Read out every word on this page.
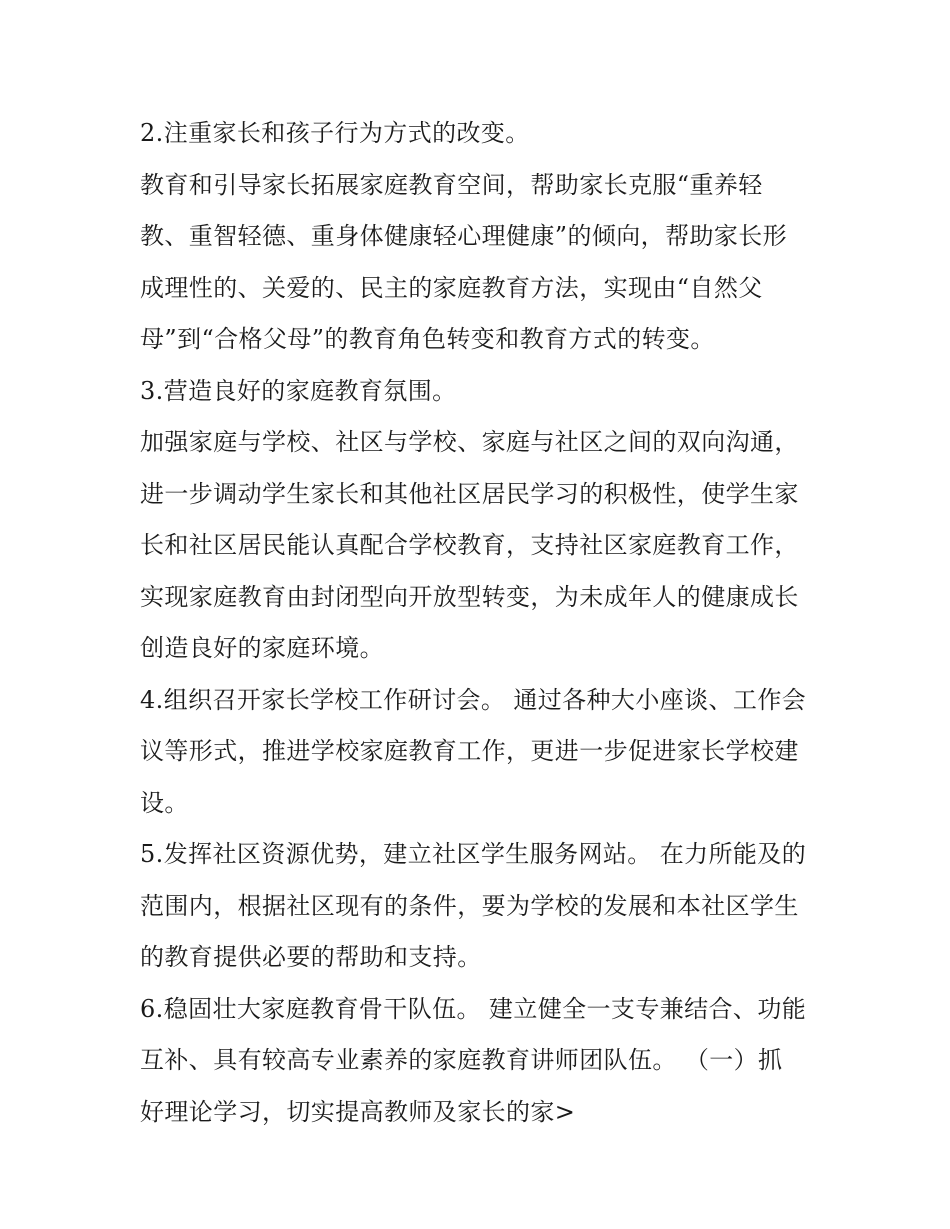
2.注重家长和孩子行为方式的改变。
教育和引导家长拓展家庭教育空间，帮助家长克服“重养轻
教、重智轻德、重身体健康轻心理健康”的倾向，帮助家长形
成理性的、关爱的、民主的家庭教育方法，实现由“自然父
母”到“合格父母”的教育角色转变和教育方式的转变。
3.营造良好的家庭教育氛围。
加强家庭与学校、社区与学校、家庭与社区之间的双向沟通，
进一步调动学生家长和其他社区居民学习的积极性，使学生家
长和社区居民能认真配合学校教育，支持社区家庭教育工作，
实现家庭教育由封闭型向开放型转变，为未成年人的健康成长
创造良好的家庭环境。
4.组织召开家长学校工作研讨会。 通过各种大小座谈、工作会
议等形式，推进学校家庭教育工作，更进一步促进家长学校建
设。
5.发挥社区资源优势，建立社区学生服务网站。 在力所能及的
范围内，根据社区现有的条件，要为学校的发展和本社区学生
的教育提供必要的帮助和支持。
6.稳固壮大家庭教育骨干队伍。 建立健全一支专兼结合、功能
互补、具有较高专业素养的家庭教育讲师团队伍。 （一）抓
好理论学习，切实提高教师及家长的家>
